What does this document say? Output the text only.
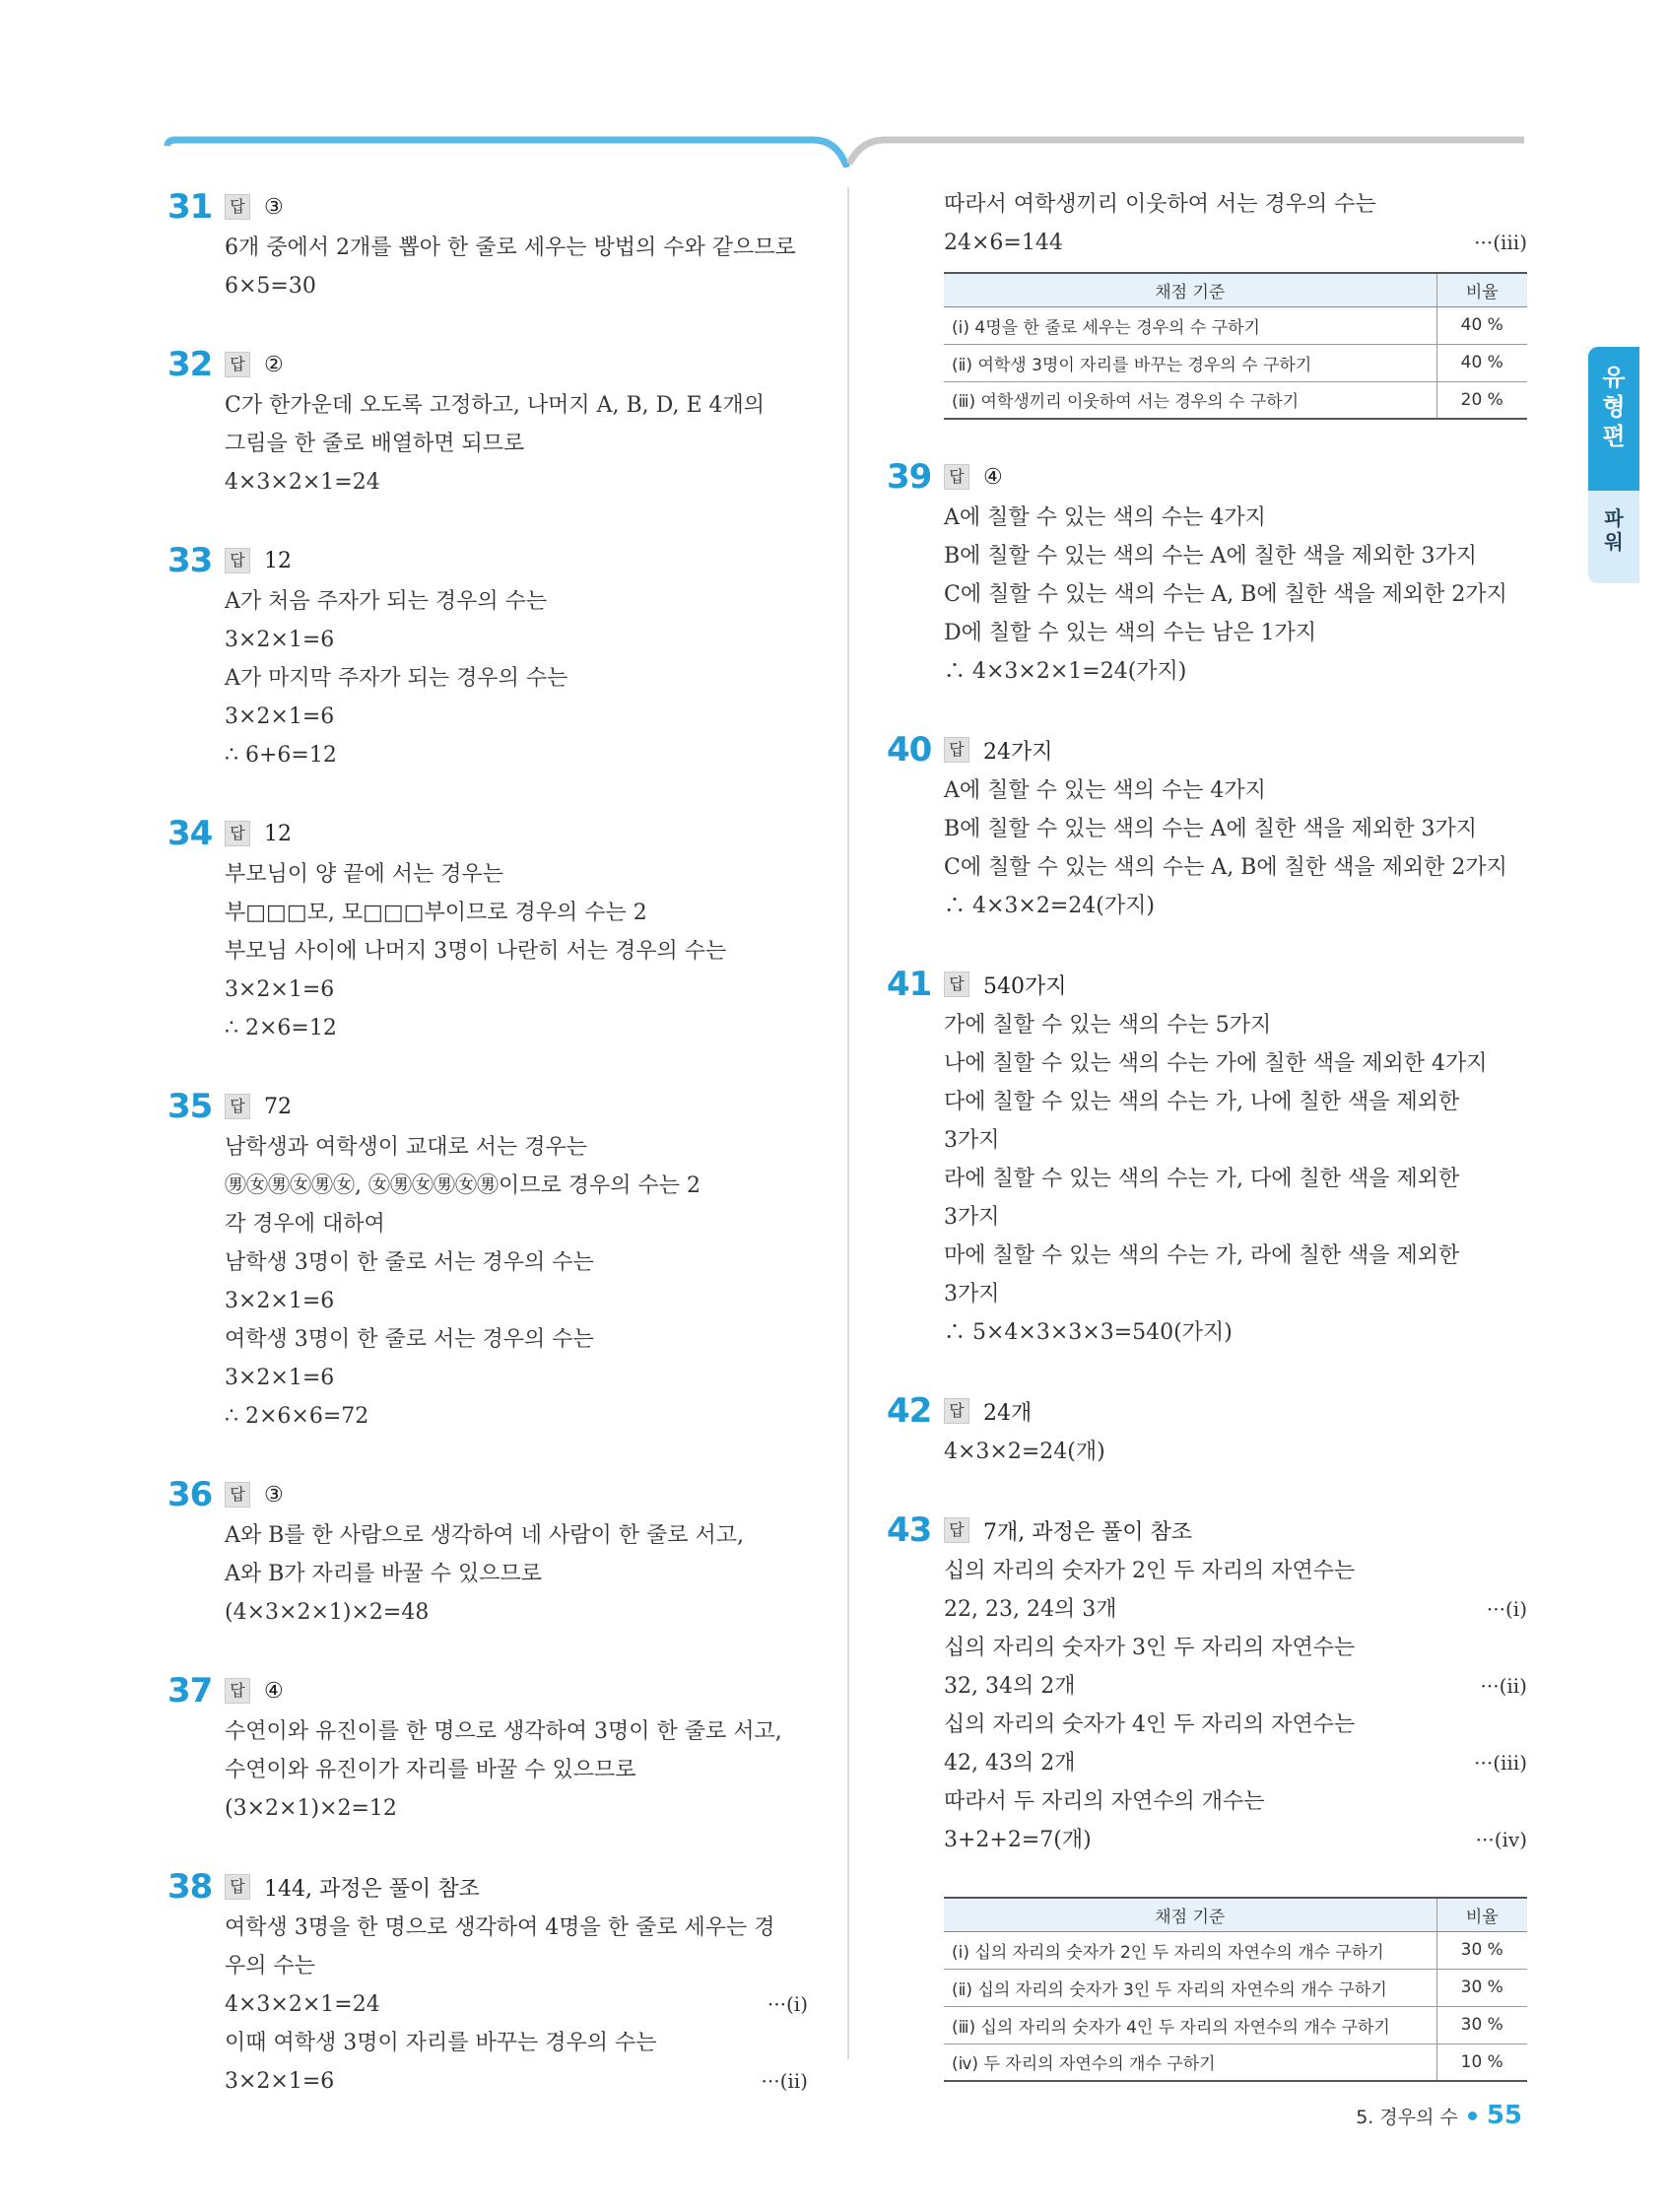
31	답 ③
6개 중에서 2개를 뽑아 한 줄로 세우는 방법의 수와 같으므로
6×5=30
32	답 ②
C가 한가운데 오도록 고정하고, 나머지 A, B, D, E 4개의
그림을 한 줄로 배열하면 되므로
4×3×2×1=24
33	답 12
A가 처음 주자가 되는 경우의 수는
3×2×1=6
A가 마지막 주자가 되는 경우의 수는
3×2×1=6
∴ 6+6=12
34	답 12
부모님이 양 끝에 서는 경우는
부□□□모, 모□□□부이므로 경우의 수는 2
부모님 사이에 나머지 3명이 나란히 서는 경우의 수는
3×2×1=6
∴ 2×6=12
35	답 72
남학생과 여학생이 교대로 서는 경우는
㊚㊛㊚㊛㊚㊛, ㊛㊚㊛㊚㊛㊚이므로 경우의 수는 2
각 경우에 대하여
남학생 3명이 한 줄로 서는 경우의 수는
3×2×1=6
여학생 3명이 한 줄로 서는 경우의 수는
3×2×1=6
∴ 2×6×6=72
36	답 ③
A와 B를 한 사람으로 생각하여 네 사람이 한 줄로 서고,
A와 B가 자리를 바꿀 수 있으므로
(4×3×2×1)×2=48
37	답 ④
수연이와 유진이를 한 명으로 생각하여 3명이 한 줄로 서고,
수연이와 유진이가 자리를 바꿀 수 있으므로
(3×2×1)×2=12
38	답 144, 과정은 풀이 참조
여학생 3명을 한 명으로 생각하여 4명을 한 줄로 세우는 경
우의 수는
4×3×2×1=24	···(ⅰ)
이때 여학생 3명이 자리를 바꾸는 경우의 수는
3×2×1=6	···(ⅱ)
따라서 여학생끼리 이웃하여 서는 경우의 수는
24×6=144	···(ⅲ)
채점 기준	비율
(ⅰ) 4명을 한 줄로 세우는 경우의 수 구하기	40 %
(ⅱ) 여학생 3명이 자리를 바꾸는 경우의 수 구하기	40 %
(ⅲ) 여학생끼리 이웃하여 서는 경우의 수 구하기	20 %
39	답 ④
A에 칠할 수 있는 색의 수는 4가지
B에 칠할 수 있는 색의 수는 A에 칠한 색을 제외한 3가지
C에 칠할 수 있는 색의 수는 A, B에 칠한 색을 제외한 2가지
D에 칠할 수 있는 색의 수는 남은 1가지
∴ 4×3×2×1=24(가지)
40	답 24가지
A에 칠할 수 있는 색의 수는 4가지
B에 칠할 수 있는 색의 수는 A에 칠한 색을 제외한 3가지
C에 칠할 수 있는 색의 수는 A, B에 칠한 색을 제외한 2가지
∴ 4×3×2=24(가지)
41	답 540가지
가에 칠할 수 있는 색의 수는 5가지
나에 칠할 수 있는 색의 수는 가에 칠한 색을 제외한 4가지
다에 칠할 수 있는 색의 수는 가, 나에 칠한 색을 제외한
3가지
라에 칠할 수 있는 색의 수는 가, 다에 칠한 색을 제외한
3가지
마에 칠할 수 있는 색의 수는 가, 라에 칠한 색을 제외한
3가지
∴ 5×4×3×3×3=540(가지)
42	답 24개
4×3×2=24(개)
43	답 7개, 과정은 풀이 참조
십의 자리의 숫자가 2인 두 자리의 자연수는
22, 23, 24의 3개	···(ⅰ)
십의 자리의 숫자가 3인 두 자리의 자연수는
32, 34의 2개	···(ⅱ)
십의 자리의 숫자가 4인 두 자리의 자연수는
42, 43의 2개	···(ⅲ)
따라서 두 자리의 자연수의 개수는
3+2+2=7(개)	···(ⅳ)
채점 기준	비율
(ⅰ) 십의 자리의 숫자가 2인 두 자리의 자연수의 개수 구하기	30 %
(ⅱ) 십의 자리의 숫자가 3인 두 자리의 자연수의 개수 구하기	30 %
(ⅲ) 십의 자리의 숫자가 4인 두 자리의 자연수의 개수 구하기	30 %
(ⅳ) 두 자리의 자연수의 개수 구하기	10 %
유
형
편
파
워
5. 경우의 수 55
